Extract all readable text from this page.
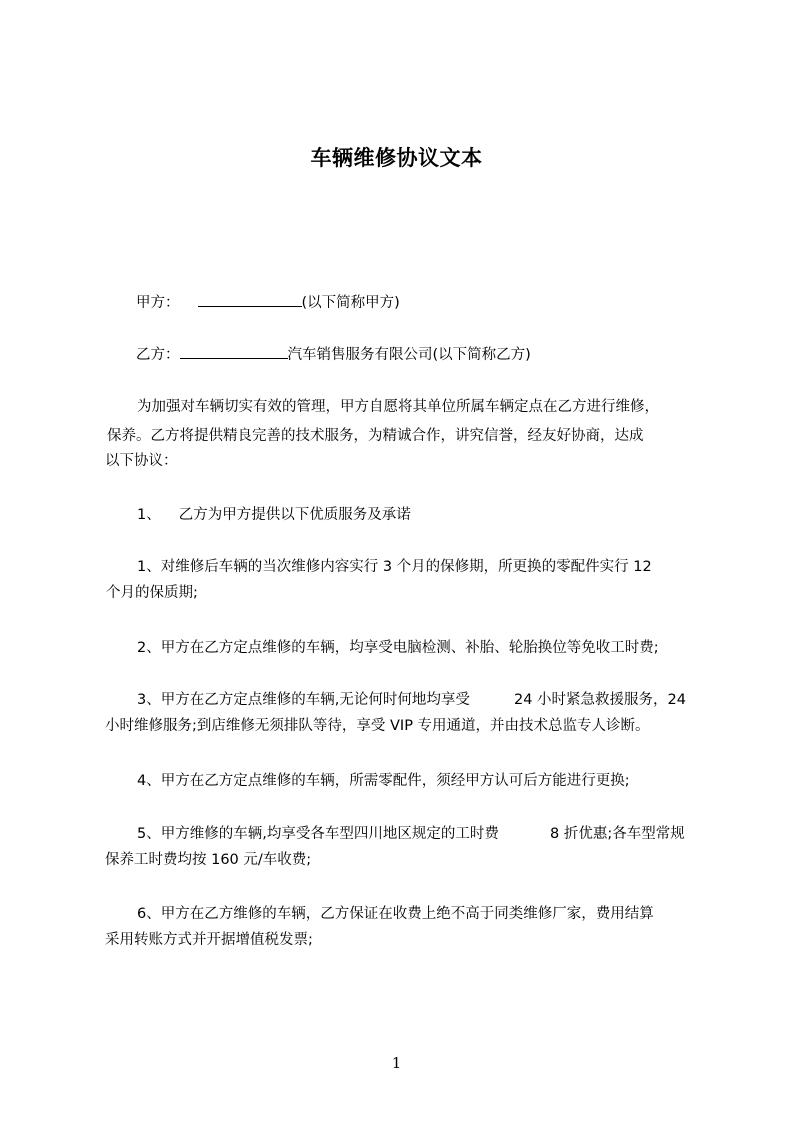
车辆维修协议文本
甲方：	(以下简称甲方)
乙方：	汽车销售服务有限公司(以下简称乙方)
为加强对车辆切实有效的管理，甲方自愿将其单位所属车辆定点在乙方进行维修，
保养。乙方将提供精良完善的技术服务，为精诚合作，讲究信誉，经友好协商，达成
以下协议：
1、 乙方为甲方提供以下优质服务及承诺
1、对维修后车辆的当次维修内容实行 3 个月的保修期，所更换的零配件实行 12
个月的保质期;
2、甲方在乙方定点维修的车辆，均享受电脑检测、补胎、轮胎换位等免收工时费;
3、甲方在乙方定点维修的车辆,无论何时何地均享受	24 小时紧急救援服务，24
小时维修服务;到店维修无须排队等待，享受 VIP 专用通道，并由技术总监专人诊断。
4、甲方在乙方定点维修的车辆，所需零配件，须经甲方认可后方能进行更换;
5、甲方维修的车辆,均享受各车型四川地区规定的工时费	8 折优惠;各车型常规
保养工时费均按 160 元/车收费;
6、甲方在乙方维修的车辆，乙方保证在收费上绝不高于同类维修厂家，费用结算
采用转账方式并开据增值税发票;
1
